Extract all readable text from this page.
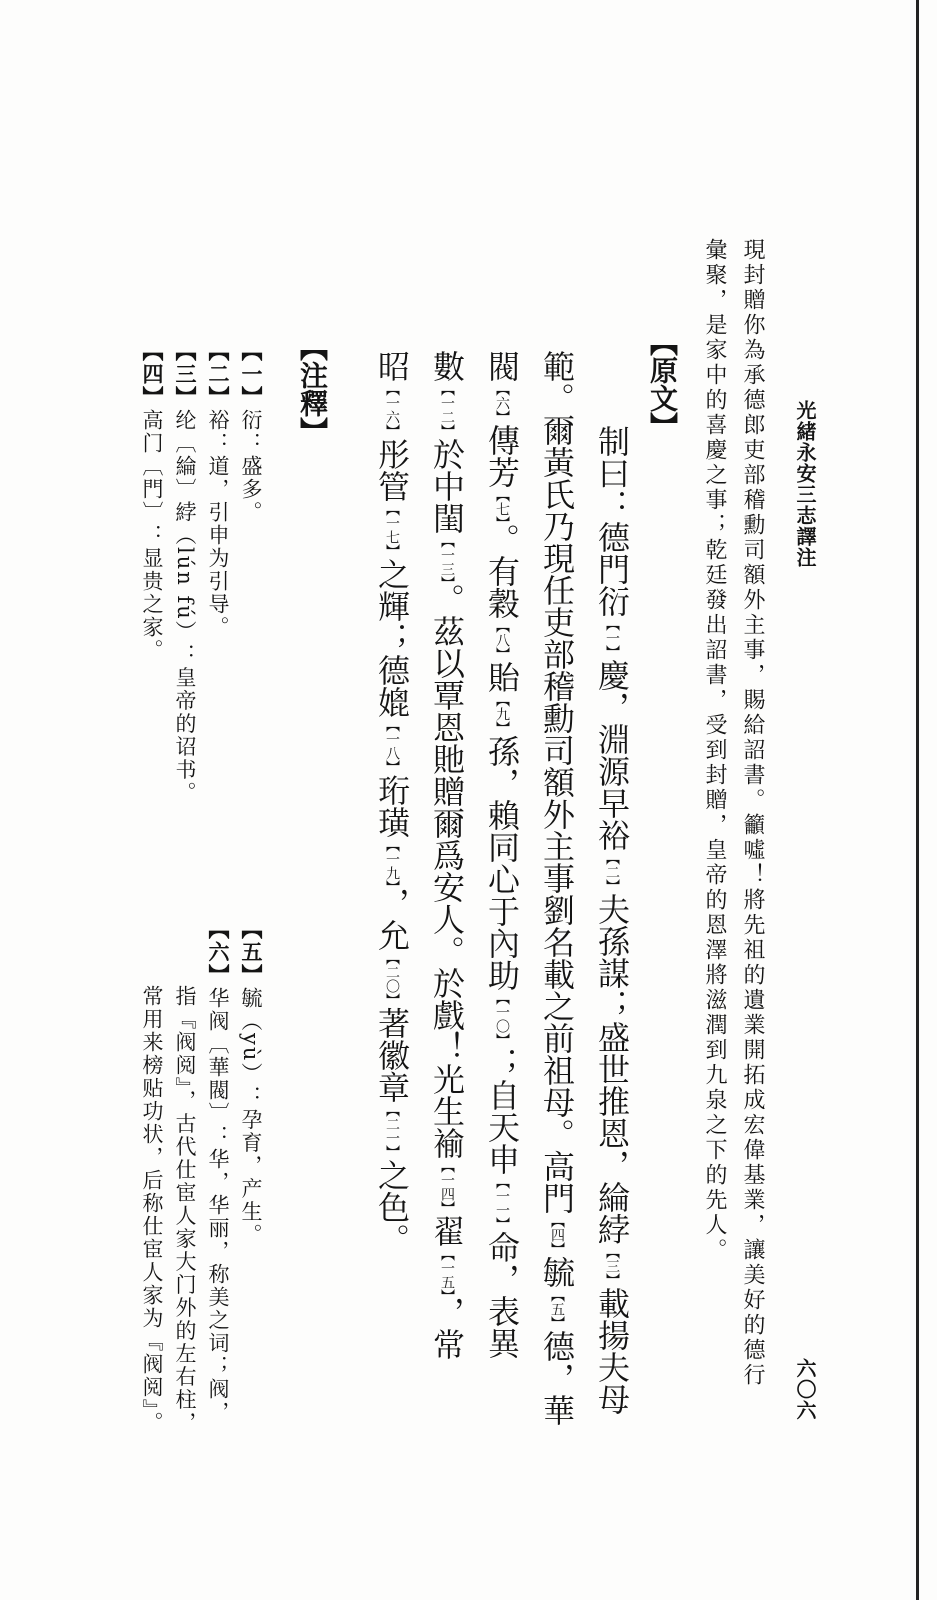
光緒永安三志譯注
六〇六
現封贈你為承德郎吏部稽勳司額外主事，賜給詔書。籲噓！將先祖的遺業開拓成宏偉基業，讓美好的德行
彙聚，是家中的喜慶之事；乾廷發出詔書，受到封贈，皇帝的恩澤將滋潤到九泉之下的先人。
【原文】
制曰：德門衍【一】慶，淵源早裕【二】夫孫謀；盛世推恩，綸綍【三】載揚夫母
範。爾黃氏乃現任吏部稽勳司額外主事劉名載之前祖母。高門【四】毓【五】德，華
閥【六】傳芳【七】。有穀【八】貽【九】孫，賴同心于內助【一〇】；自天申【一一】命，表異
數【一二】於中閨【一三】。茲以覃恩貤贈爾爲安人。於戲！光生褕【一四】翟【一五】，常
昭【一六】彤管【一七】之輝；德媲【一八】珩璜【一九】，允【二〇】著徽章【二一】之色。
【注釋】
【一】衍：盛多。
【二】裕：道，引申为引导。
【三】纶〔綸〕綍（lún fú）：皇帝的诏书。
【四】高门〔門〕：显贵之家。
【五】毓（yù）：孕育，产生。
【六】华阀〔華閥〕：华，华丽，称美之词；阀，
指『阀阅』，古代仕宦人家大门外的左右柱，
常用来榜贴功状，后称仕宦人家为『阀阅』。
